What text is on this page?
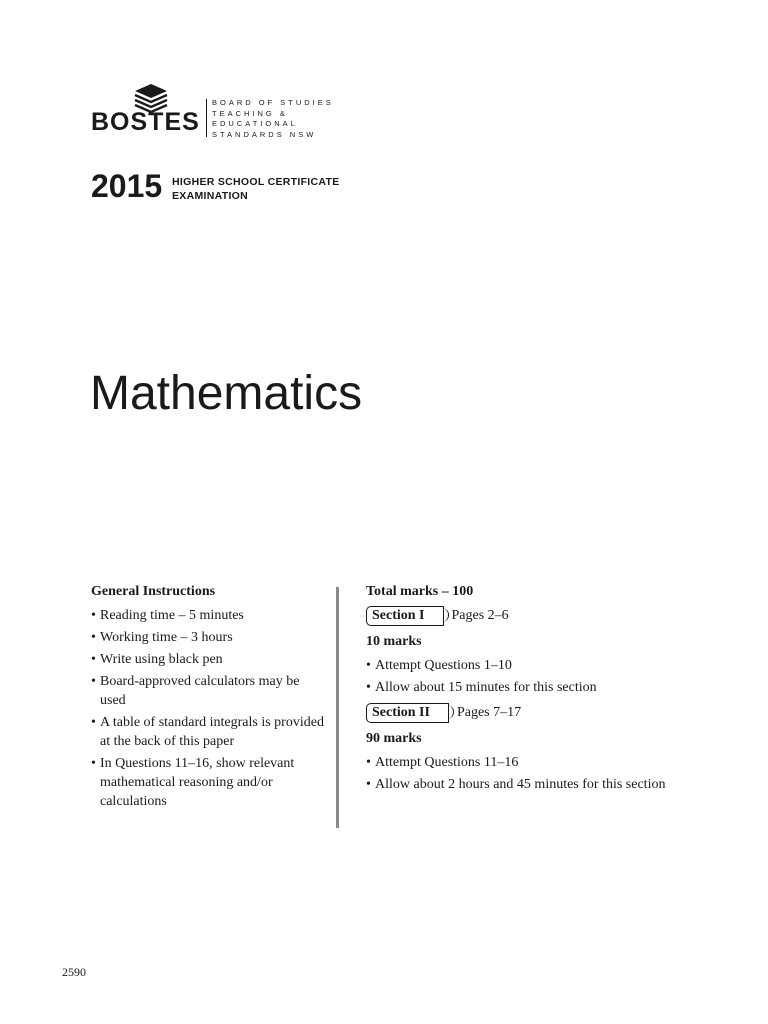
BOSTES
BOARD OF STUDIES
TEACHING &
EDUCATIONAL
STANDARDS NSW
2015 HIGHER SCHOOL CERTIFICATE
EXAMINATION
Mathematics
General Instructions
• Reading time – 5 minutes
• Working time – 3 hours
• Write using black pen
• Board-approved calculators may be used
• A table of standard integrals is provided at the back of this paper
• In Questions 11–16, show relevant mathematical reasoning and/or calculations
Total marks – 100
Section I	Pages 2–6
10 marks
• Attempt Questions 1–10
• Allow about 15 minutes for this section
Section II	Pages 7–17
90 marks
• Attempt Questions 11–16
• Allow about 2 hours and 45 minutes for this section
2590
